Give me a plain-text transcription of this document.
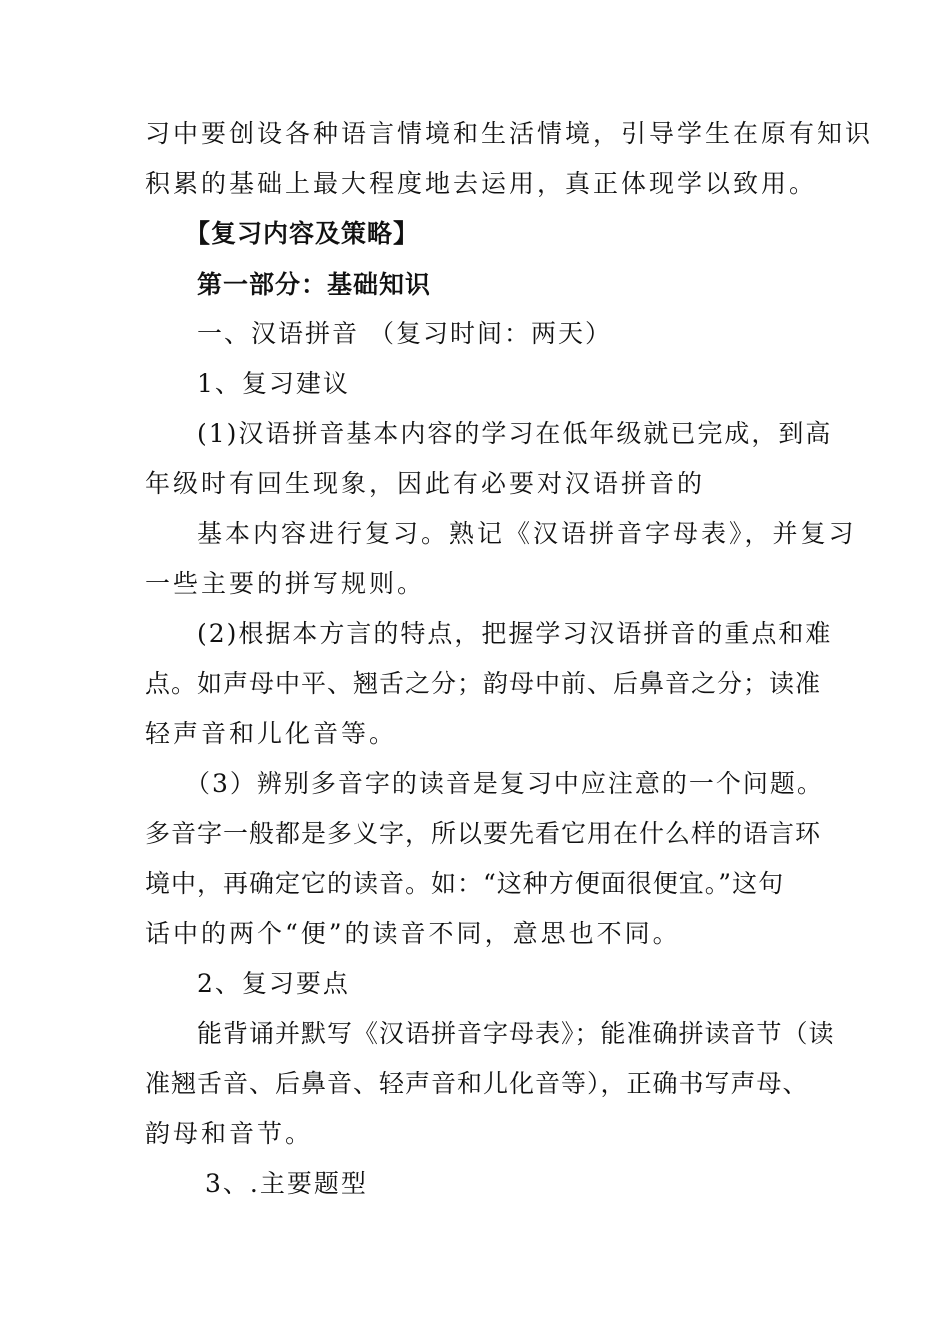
习中要创设各种语言情境和生活情境，引导学生在原有知识
积累的基础上最大程度地去运用，真正体现学以致用。
【复习内容及策略】
第一部分：基础知识
一、汉语拼音 （复习时间：两天）
1、复习建议
(1)汉语拼音基本内容的学习在低年级就已完成，到高
年级时有回生现象，因此有必要对汉语拼音的
基本内容进行复习。熟记《汉语拼音字母表》，并复习
一些主要的拼写规则。
(2)根据本方言的特点，把握学习汉语拼音的重点和难
点。如声母中平、翘舌之分；韵母中前、后鼻音之分；读准
轻声音和儿化音等。
（3）辨别多音字的读音是复习中应注意的一个问题。
多音字一般都是多义字，所以要先看它用在什么样的语言环
境中，再确定它的读音。如：“这种方便面很便宜。”这句
话中的两个“便”的读音不同，意思也不同。
2、复习要点
能背诵并默写《汉语拼音字母表》；能准确拼读音节（读
准翘舌音、后鼻音、轻声音和儿化音等），正确书写声母、
韵母和音节。
3、.主要题型
